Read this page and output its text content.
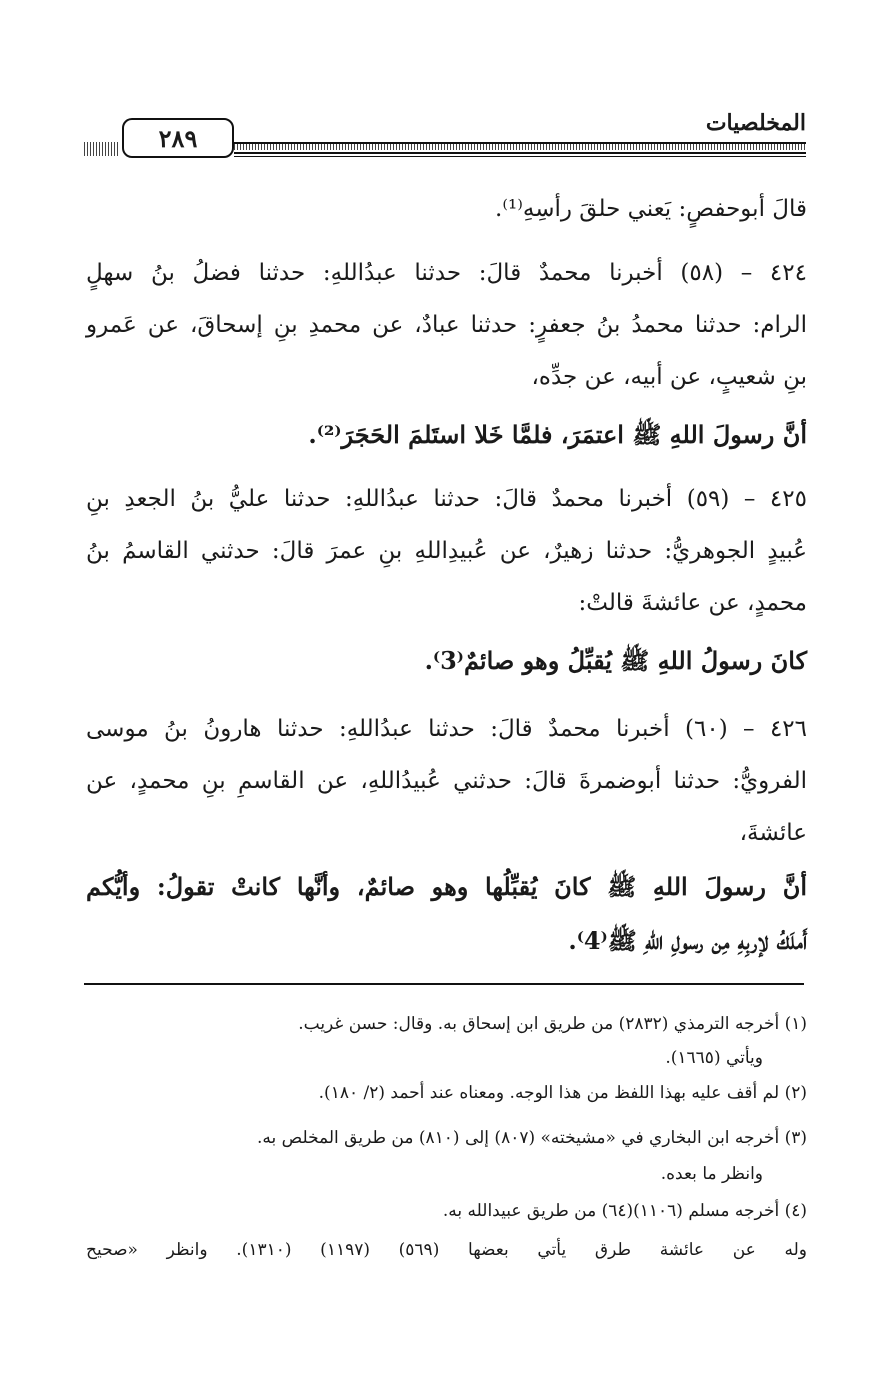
المخلصيات
٢٨٩
قالَ أبوحفصٍ: يَعني حلقَ رأسِهِ⁽¹⁾.
٤٢٤ – (٥٨) أخبرنا محمدٌ قالَ: حدثنا عبدُاللهِ: حدثنا فضلُ بنُ سهلٍ
الرام: حدثنا محمدُ بنُ جعفرٍ: حدثنا عبادٌ، عن محمدِ بنِ إسحاقَ، عن عَمرو
بنِ شعيبٍ، عن أبيه، عن جدِّه،
أنَّ رسولَ اللهِ ﷺ اعتمَرَ، فلمَّا خَلا استَلمَ الحَجَرَ⁽²⁾.
٤٢٥ – (٥٩) أخبرنا محمدٌ قالَ: حدثنا عبدُاللهِ: حدثنا عليُّ بنُ الجعدِ بنِ
عُبيدٍ الجوهريُّ: حدثنا زهيرٌ، عن عُبيدِاللهِ بنِ عمرَ قالَ: حدثني القاسمُ بنُ
محمدٍ، عن عائشةَ قالتْ:
كانَ رسولُ اللهِ ﷺ يُقبِّلُ وهو صائمٌ⁽3⁾.
٤٢٦ – (٦٠) أخبرنا محمدٌ قالَ: حدثنا عبدُاللهِ: حدثنا هارونُ بنُ موسى
الفرويُّ: حدثنا أبوضمرةَ قالَ: حدثني عُبيدُاللهِ، عن القاسمِ بنِ محمدٍ، عن
عائشةَ،
أنَّ رسولَ اللهِ ﷺ كانَ يُقبِّلُها وهو صائمٌ، وأنَّها كانتْ تقولُ: وأيُّكم
أَملَكُ لإربِهِ مِن رسولِ اللهِ ﷺ⁽4⁾.
(١) أخرجه الترمذي (٢٨٣٢) من طريق ابن إسحاق به. وقال: حسن غريب.
ويأتي (١٦٦٥).
(٢) لم أقف عليه بهذا اللفظ من هذا الوجه. ومعناه عند أحمد (٢/ ١٨٠).
(٣) أخرجه ابن البخاري في «مشيخته» (٨٠٧) إلى (٨١٠) من طريق المخلص به.
وانظر ما بعده.
(٤) أخرجه مسلم (١١٠٦)(٦٤) من طريق عبيدالله به.
وله عن عائشة طرق يأتي بعضها (٥٦٩) (١١٩٧) (١٣١٠). وانظر «صحيح
